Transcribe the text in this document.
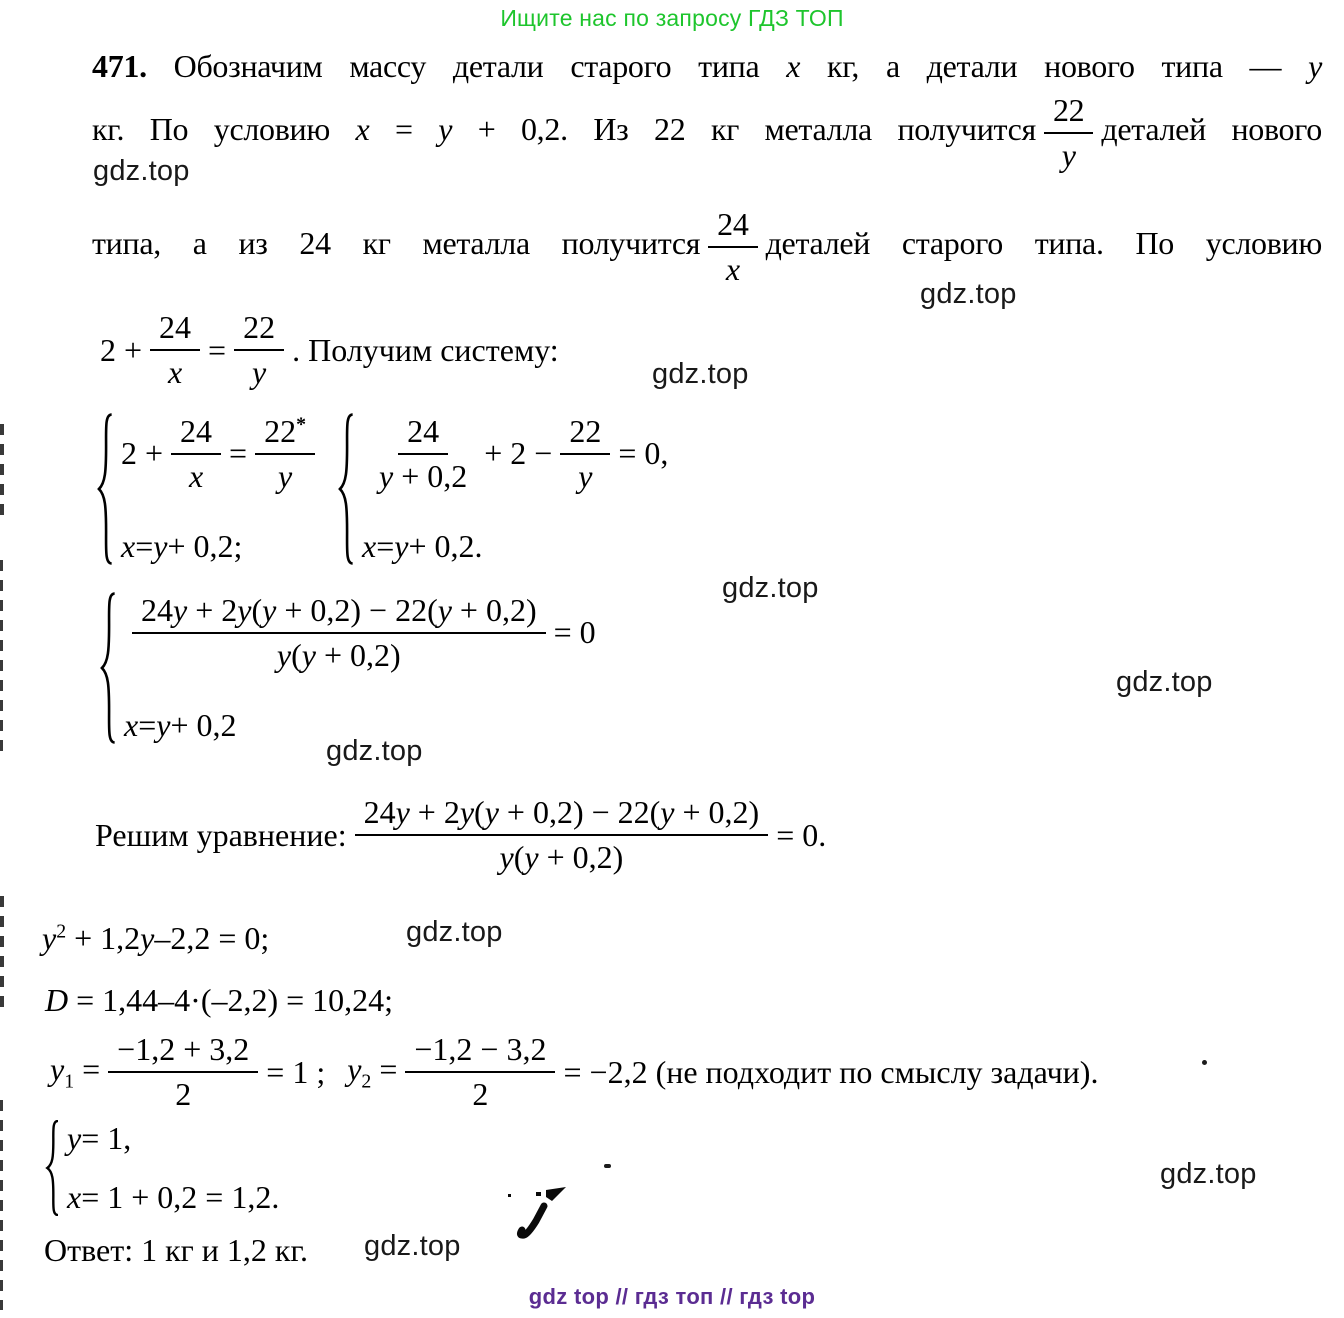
Ищите нас по запросу ГДЗ ТОП

471. Обозначим массу детали старого типа x кг, а детали нового типа — y

кг. По условию x = y + 0,2. Из 22 кг металла получится $\frac{22}{y}$ деталей нового

gdz.top

типа, а из 24 кг металла получится $\frac{24}{x}$ деталей старого типа. По условию

gdz.top
$2 + \frac{24}{x} = \frac{22}{y}$ . Получим систему:
gdz.top
$2 + \frac{24}{x} = \frac{22^*}{y}$
x = y + 0,2;
$\frac{24}{y + 0,2} + 2 - \frac{22}{y} = 0$,
x = y + 0,2.
gdz.top
$\frac{24y + 2y(y + 0,2) - 22(y + 0,2)}{y(y + 0,2)} = 0$
x = y + 0,2
gdz.top
gdz.top
Решим уравнение: $\frac{24y + 2y(y + 0,2) - 22(y + 0,2)}{y(y + 0,2)} = 0$.
$y^2 + 1,2y-2,2 = 0$;	gdz.top
D = 1,44–4·(–2,2) = 10,24;
$y_1 = \frac{-1,2 + 3,2}{2} = 1$ ; $y_2 = \frac{-1,2 - 3,2}{2} = -2,2$ (не подходит по смыслу задачи).
y = 1,
x = 1 + 0,2 = 1,2.
gdz.top
Ответ: 1 кг и 1,2 кг. gdz.top
gdz top // гдз топ // гдз top
